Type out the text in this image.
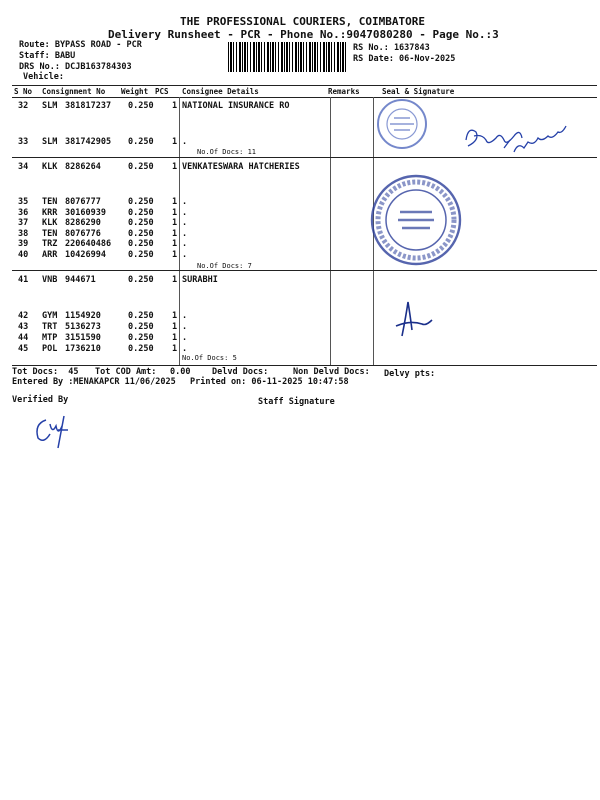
THE PROFESSIONAL COURIERS, COIMBATORE
Delivery Runsheet - PCR - Phone No.:9047080280 - Page No.:3
Route: BYPASS ROAD - PCR
Staff: BABU
DRS No.: DCJB163784303
Vehicle:
RS No.: 1637843
RS Date: 06-Nov-2025
S No Consignment No Weight PCS Consignee Details	Remarks	Seal & Signature
32 SLM 381817237 0.250 1 NATIONAL INSURANCE RO
33 SLM 381742905 0.250 1 .
No.Of Docs: 11
34 KLK 8286264	0.250 1 VENKATESWARA HATCHERIES
35 TEN 8076777	0.250 1 .
36 KRR 30160939	0.250 1 .
37 KLK 8286290	0.250 1 .
38 TEN 8076776	0.250 1 .
39 TRZ 220640486 0.250 1 .
40 ARR 10426994	0.250 1 .
No.Of Docs: 7
41 VNB 944671	0.250 1 SURABHI
42 GYM 1154920	0.250 1 .
43 TRT 5136273	0.250 1 .
44 MTP 3151590	0.250 1 .
45 POL 1736210	0.250 1 .
No.Of Docs: 5
Tot Docs:  45 Tot COD Amt: 0.00	Delvd Docs:	Non Delvd Docs: Delvy pts:
Entered By :MENAKAPCR 11/06/2025 Printed on: 06-11-2025 10:47:58
Verified By	Staff Signature
